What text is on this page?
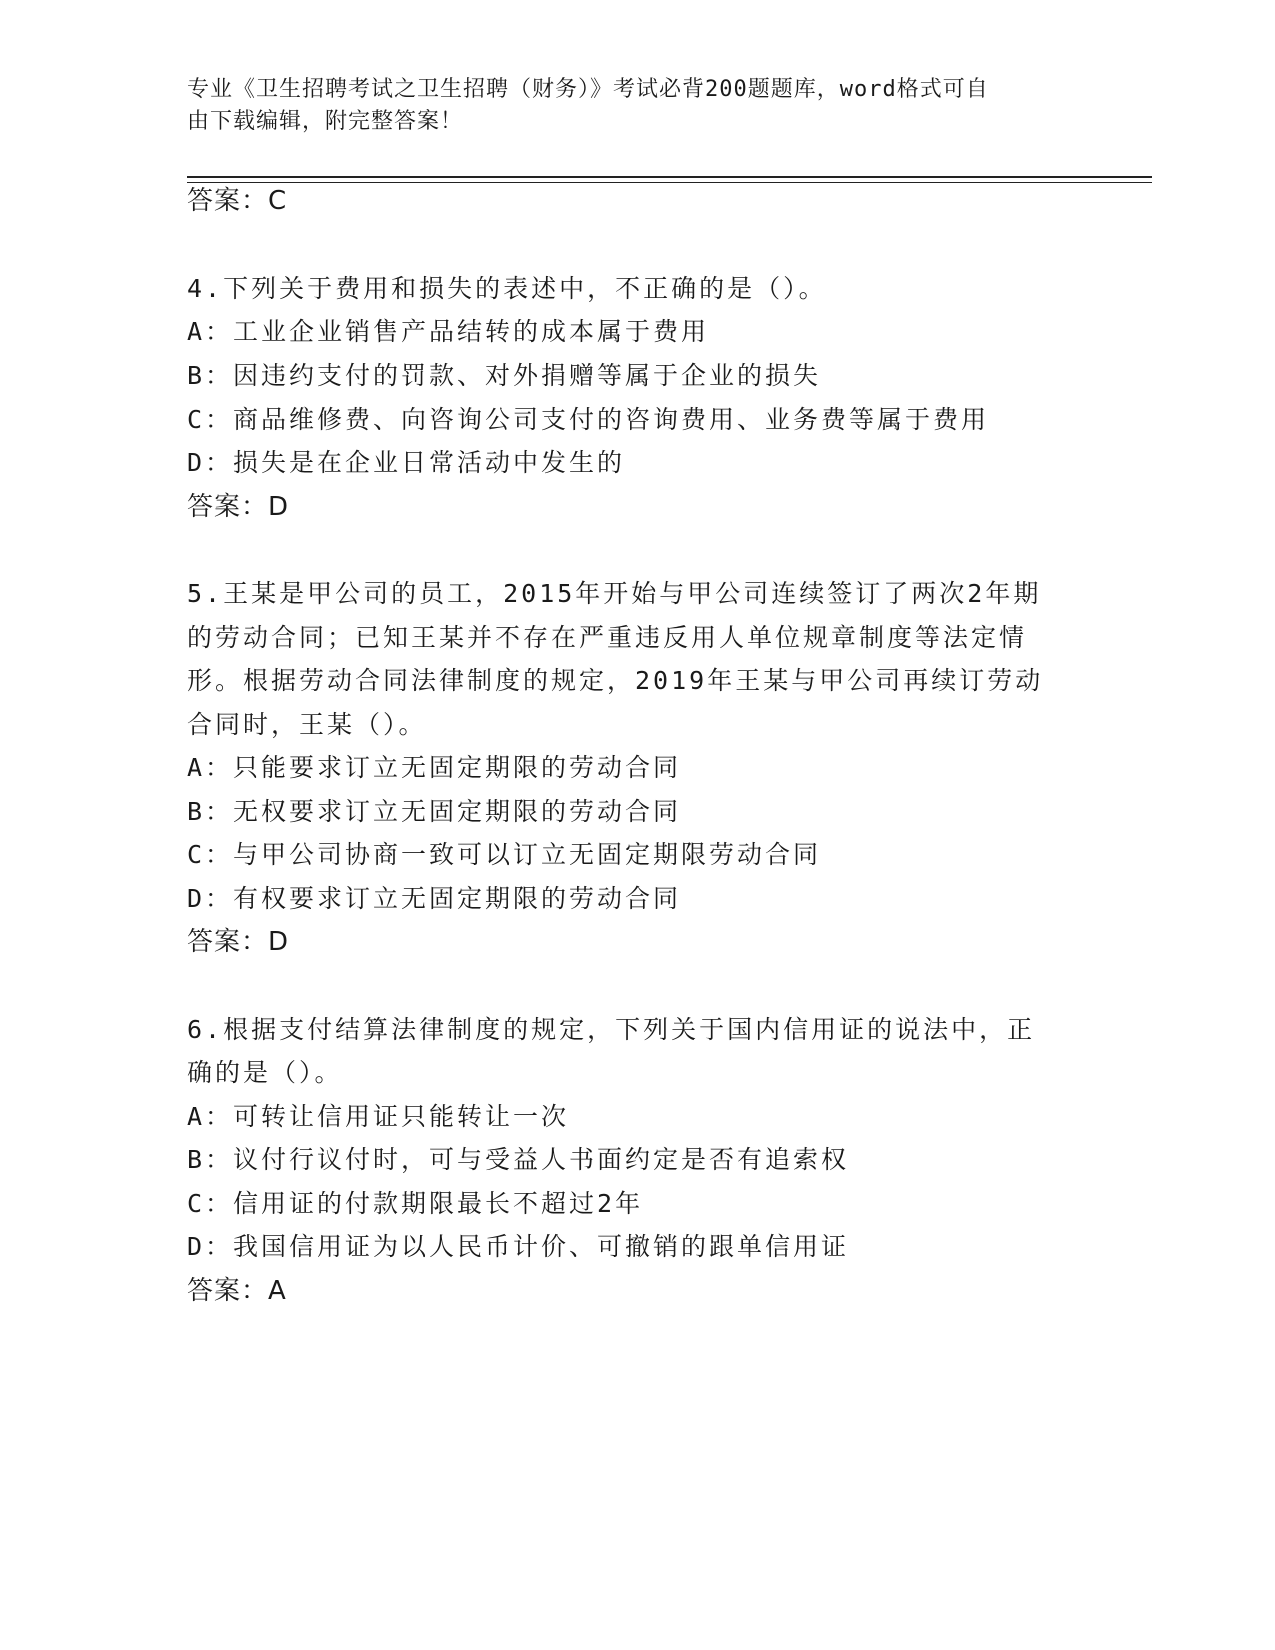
专业《卫生招聘考试之卫生招聘（财务）》考试必背200题题库，word格式可自
由下载编辑，附完整答案！
答案：C
4.下列关于费用和损失的表述中，不正确的是（）。
A：工业企业销售产品结转的成本属于费用
B：因违约支付的罚款、对外捐赠等属于企业的损失
C：商品维修费、向咨询公司支付的咨询费用、业务费等属于费用
D：损失是在企业日常活动中发生的
答案：D
5.王某是甲公司的员工，2015年开始与甲公司连续签订了两次2年期
的劳动合同；已知王某并不存在严重违反用人单位规章制度等法定情
形。根据劳动合同法律制度的规定，2019年王某与甲公司再续订劳动
合同时，王某（）。
A：只能要求订立无固定期限的劳动合同
B：无权要求订立无固定期限的劳动合同
C：与甲公司协商一致可以订立无固定期限劳动合同
D：有权要求订立无固定期限的劳动合同
答案：D
6.根据支付结算法律制度的规定，下列关于国内信用证的说法中，正
确的是（）。
A：可转让信用证只能转让一次
B：议付行议付时，可与受益人书面约定是否有追索权
C：信用证的付款期限最长不超过2年
D：我国信用证为以人民币计价、可撤销的跟单信用证
答案：A
